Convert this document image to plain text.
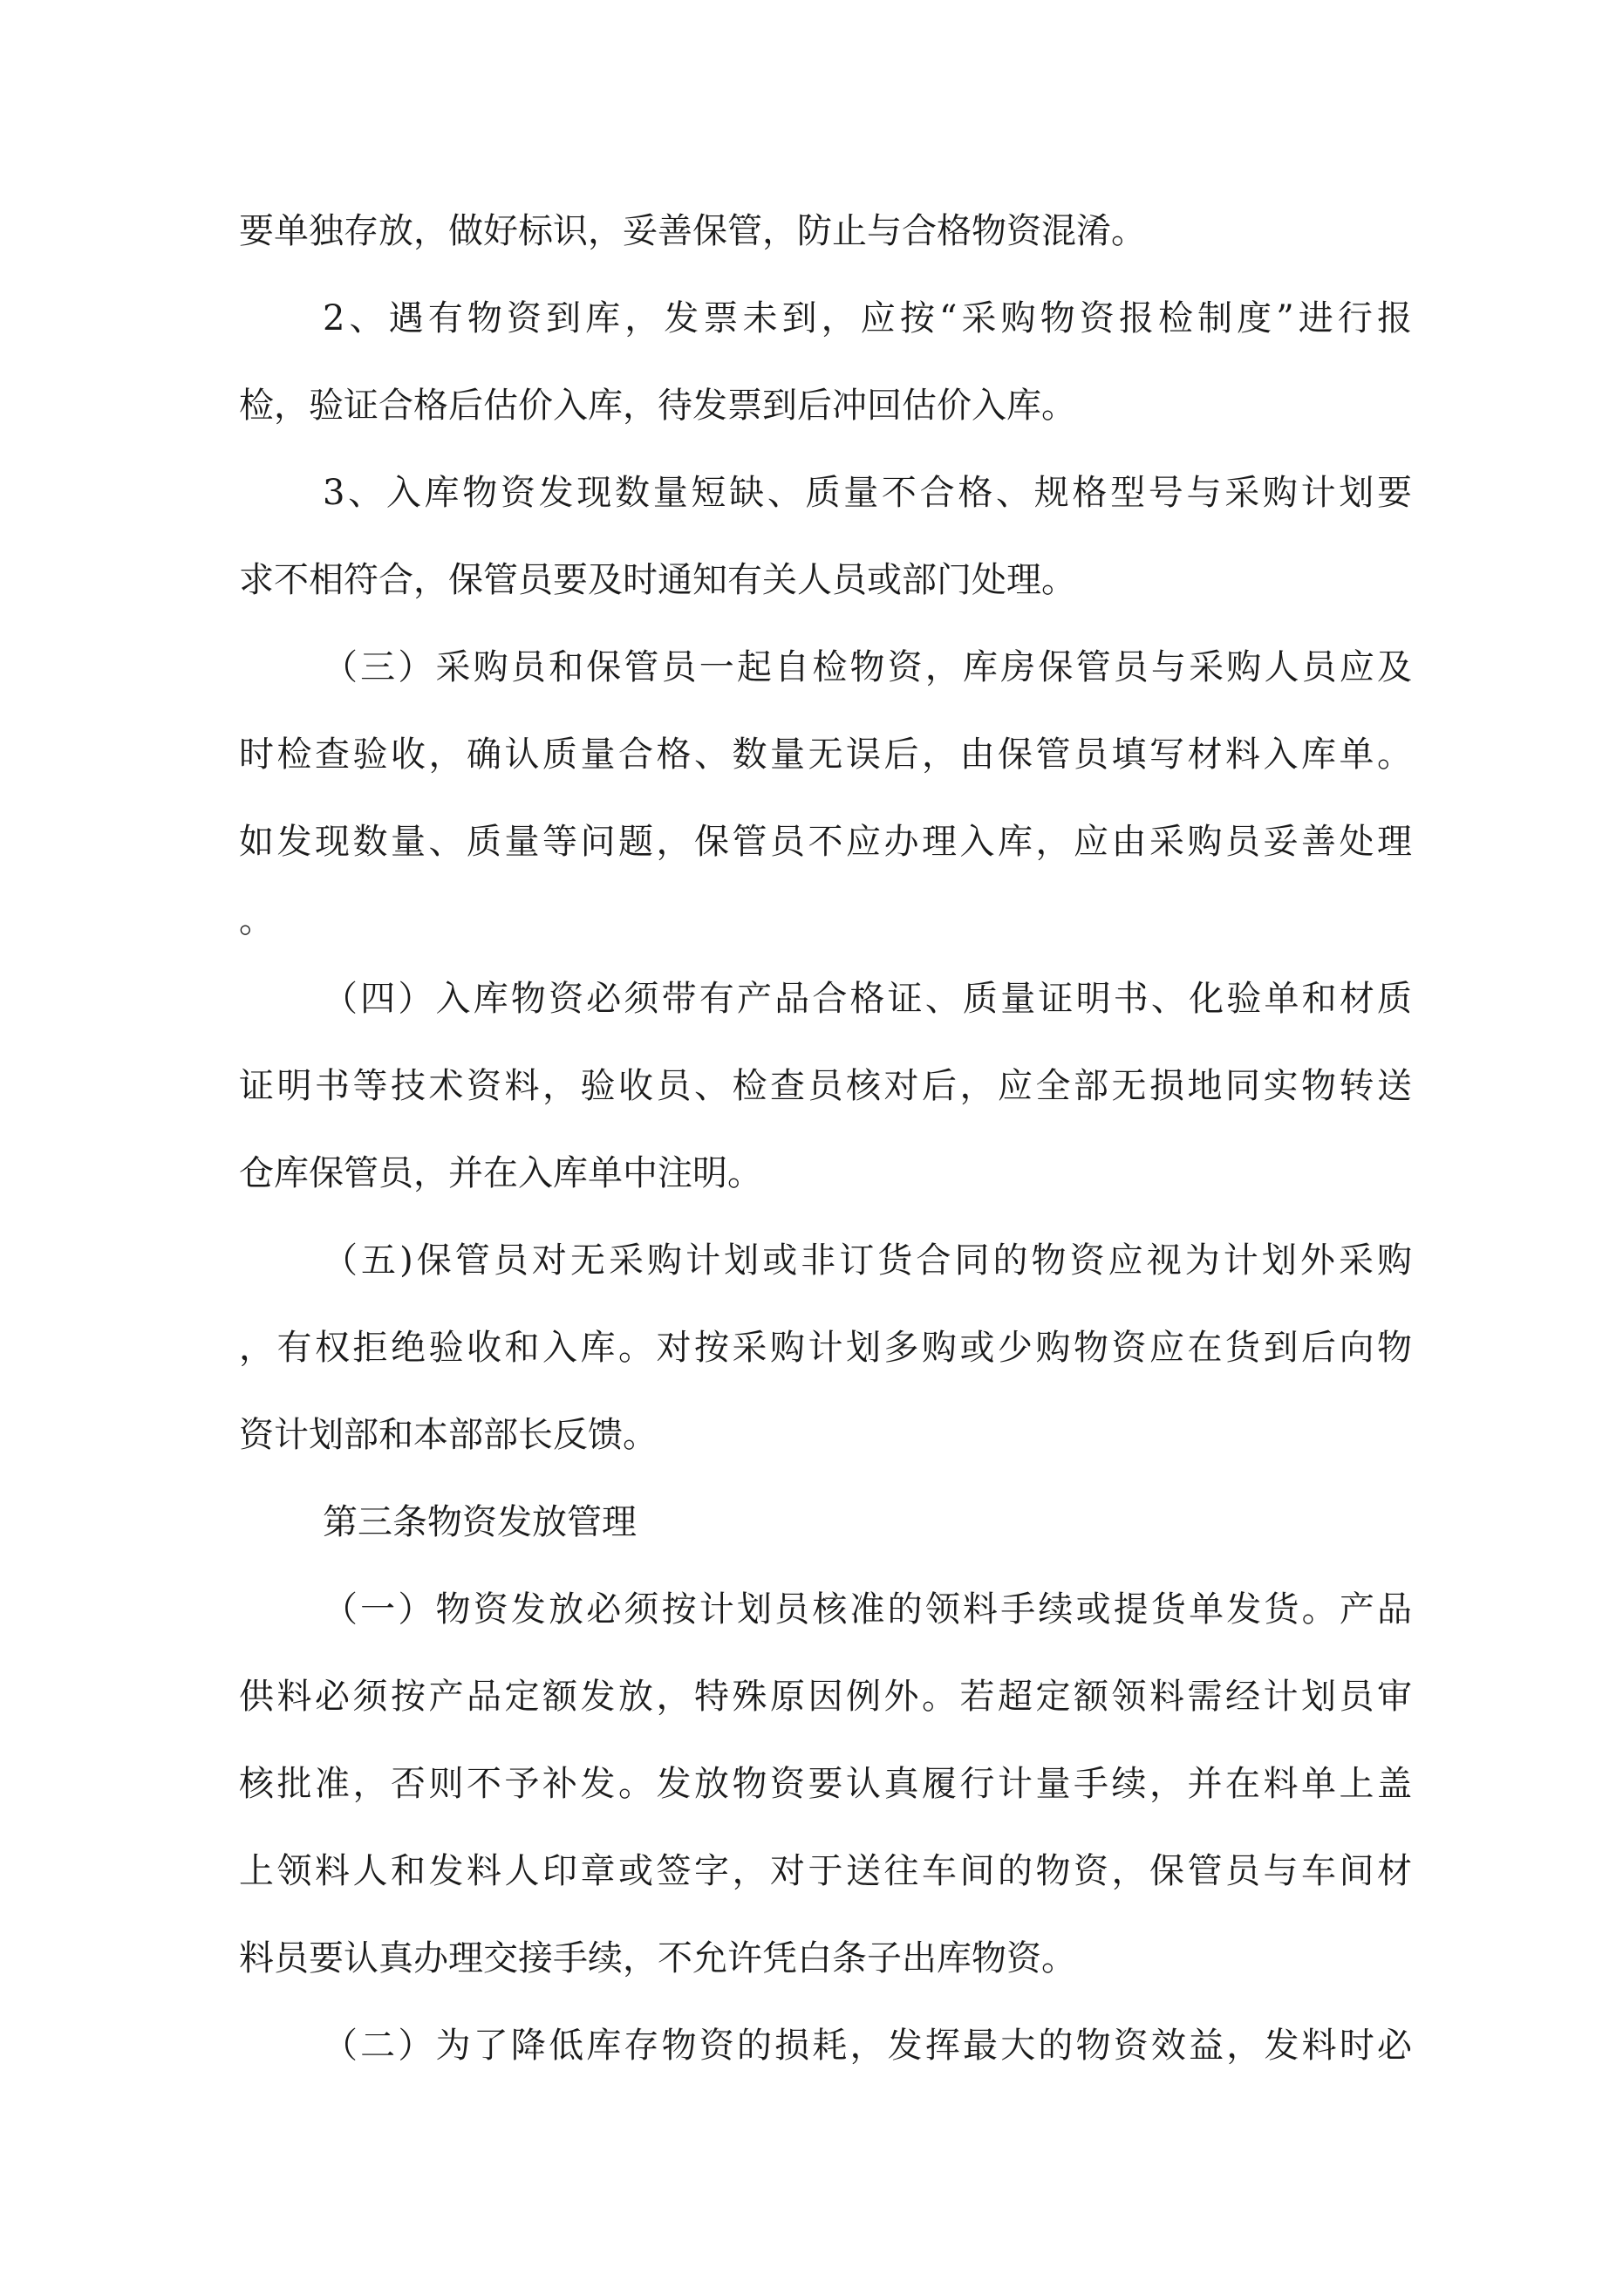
要单独存放，做好标识，妥善保管，防止与合格物资混淆。
2、遇有物资到库，发票未到，应按“采购物资报检制度”进行报
检，验证合格后估价入库，待发票到后冲回估价入库。
3、入库物资发现数量短缺、质量不合格、规格型号与采购计划要
求不相符合，保管员要及时通知有关人员或部门处理。
（三）采购员和保管员一起自检物资，库房保管员与采购人员应及
时检查验收，确认质量合格、数量无误后，由保管员填写材料入库单。
如发现数量、质量等问题，保管员不应办理入库，应由采购员妥善处理
。
（四）入库物资必须带有产品合格证、质量证明书、化验单和材质
证明书等技术资料，验收员、检查员核对后，应全部无损地同实物转送
仓库保管员，并在入库单中注明。
（五)保管员对无采购计划或非订货合同的物资应视为计划外采购
，有权拒绝验收和入库。对按采购计划多购或少购物资应在货到后向物
资计划部和本部部长反馈。
第三条物资发放管理
（一）物资发放必须按计划员核准的领料手续或提货单发货。产品
供料必须按产品定额发放，特殊原因例外。若超定额领料需经计划员审
核批准，否则不予补发。发放物资要认真履行计量手续，并在料单上盖
上领料人和发料人印章或签字，对于送往车间的物资，保管员与车间材
料员要认真办理交接手续，不允许凭白条子出库物资。
（二）为了降低库存物资的损耗，发挥最大的物资效益，发料时必
